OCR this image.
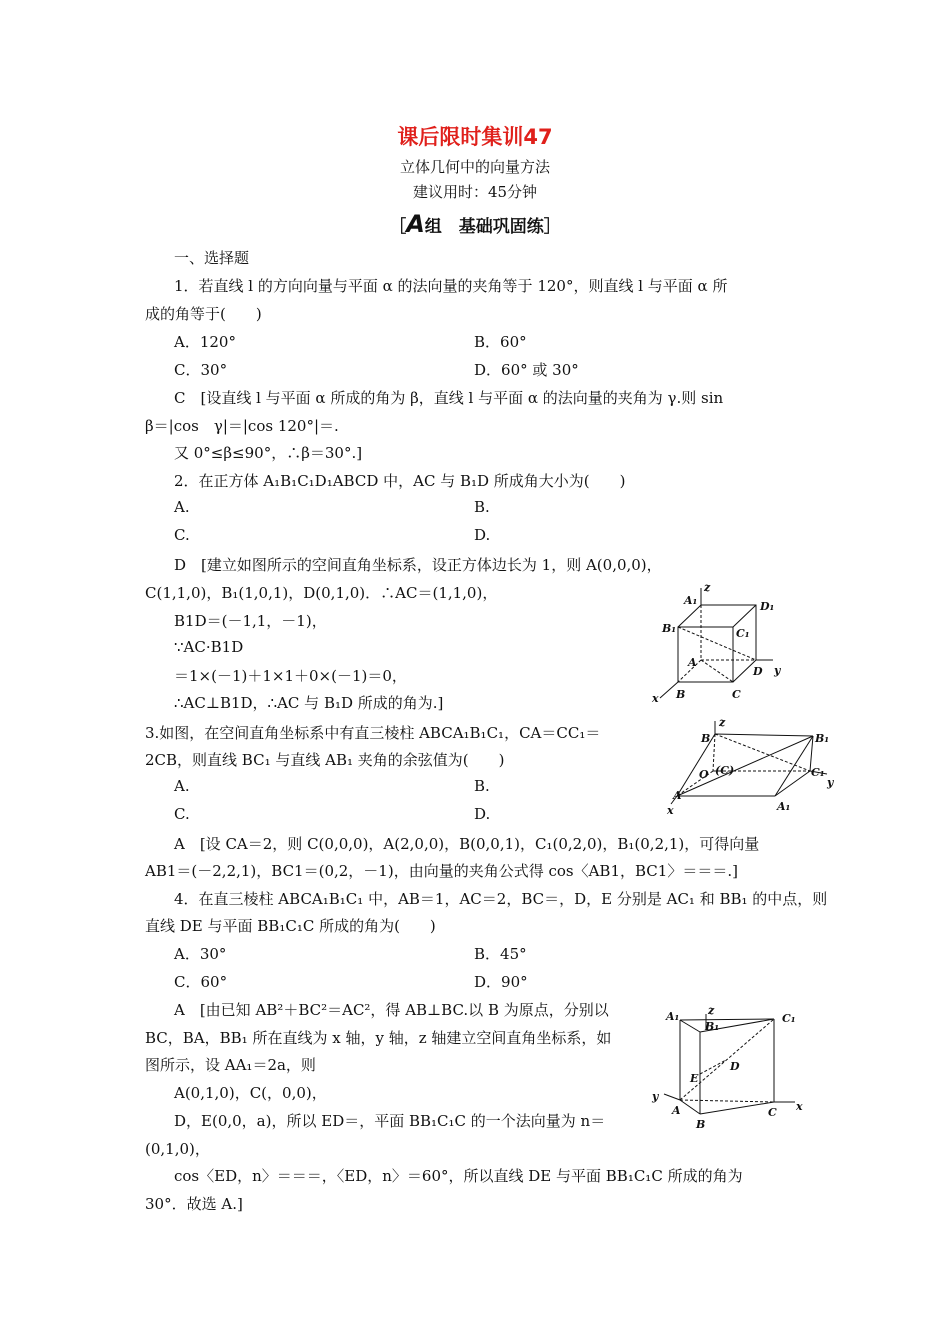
课后限时集训47
立体几何中的向量方法
建议用时：45分钟
［A组　基础巩固练］
一、选择题
1．若直线 l 的方向向量与平面 α 的法向量的夹角等于 120°，则直线 l 与平面 α 所
成的角等于(　　)
A．120°	B．60°
C．30°	D．60° 或 30°
C　[设直线 l 与平面 α 所成的角为 β，直线 l 与平面 α 的法向量的夹角为 γ.则 sin
β＝|cos　γ|＝|cos 120°|＝.
又 0°≤β≤90°，∴β＝30°.]
2．在正方体 A₁B₁C₁D₁ABCD 中，AC 与 B₁D 所成角大小为(　　)
A.	B.
C.	D.
D　[建立如图所示的空间直角坐标系，设正方体边长为 1，则 A(0,0,0)，
C(1,1,0)，B₁(1,0,1)，D(0,1,0)．∴AC＝(1,1,0)，
B1D＝(－1,1，－1)，
∵AC·B1D
＝1×(－1)＋1×1＋0×(－1)＝0，
∴AC⊥B1D，∴AC 与 B₁D 所成的角为.]
z
A₁	D₁
B₁	C₁
A
D y
x B	C
3.如图，在空间直角坐标系中有直三棱柱 ABCA₁B₁C₁，CA＝CC₁＝
2CB，则直线 BC₁ 与直线 AB₁ 夹角的余弦值为(　　)
A.	B.
C.	D.
A　[设 CA＝2，则 C(0,0,0)，A(2,0,0)，B(0,0,1)，C₁(0,2,0)，B₁(0,2,1)，可得向量
AB1＝(－2,2,1)，BC1＝(0,2，－1)，由向量的夹角公式得 cos〈AB1，BC1〉＝＝＝.]
z
B	B₁
O (C)	C₁
y
A
x	A₁
4．在直三棱柱 ABCA₁B₁C₁ 中，AB＝1，AC＝2，BC＝，D，E 分别是 AC₁ 和 BB₁ 的中点，则
直线 DE 与平面 BB₁C₁C 所成的角为(　　)
A．30°	B．45°
C．60°	D．90°
A　[由已知 AB²＋BC²＝AC²，得 AB⊥BC.以 B 为原点，分别以
BC，BA，BB₁ 所在直线为 x 轴，y 轴，z 轴建立空间直角坐标系，如
图所示，设 AA₁＝2a，则
A(0,1,0)，C(，0,0)，
D，E(0,0，a)，所以 ED＝，平面 BB₁C₁C 的一个法向量为 n＝
(0,1,0)，
cos〈ED，n〉＝＝＝，〈ED，n〉＝60°，所以直线 DE 与平面 BB₁C₁C 所成的角为
30°．故选 A.]
A₁	z
B₁
C₁
E
D
y
A	C x
B
